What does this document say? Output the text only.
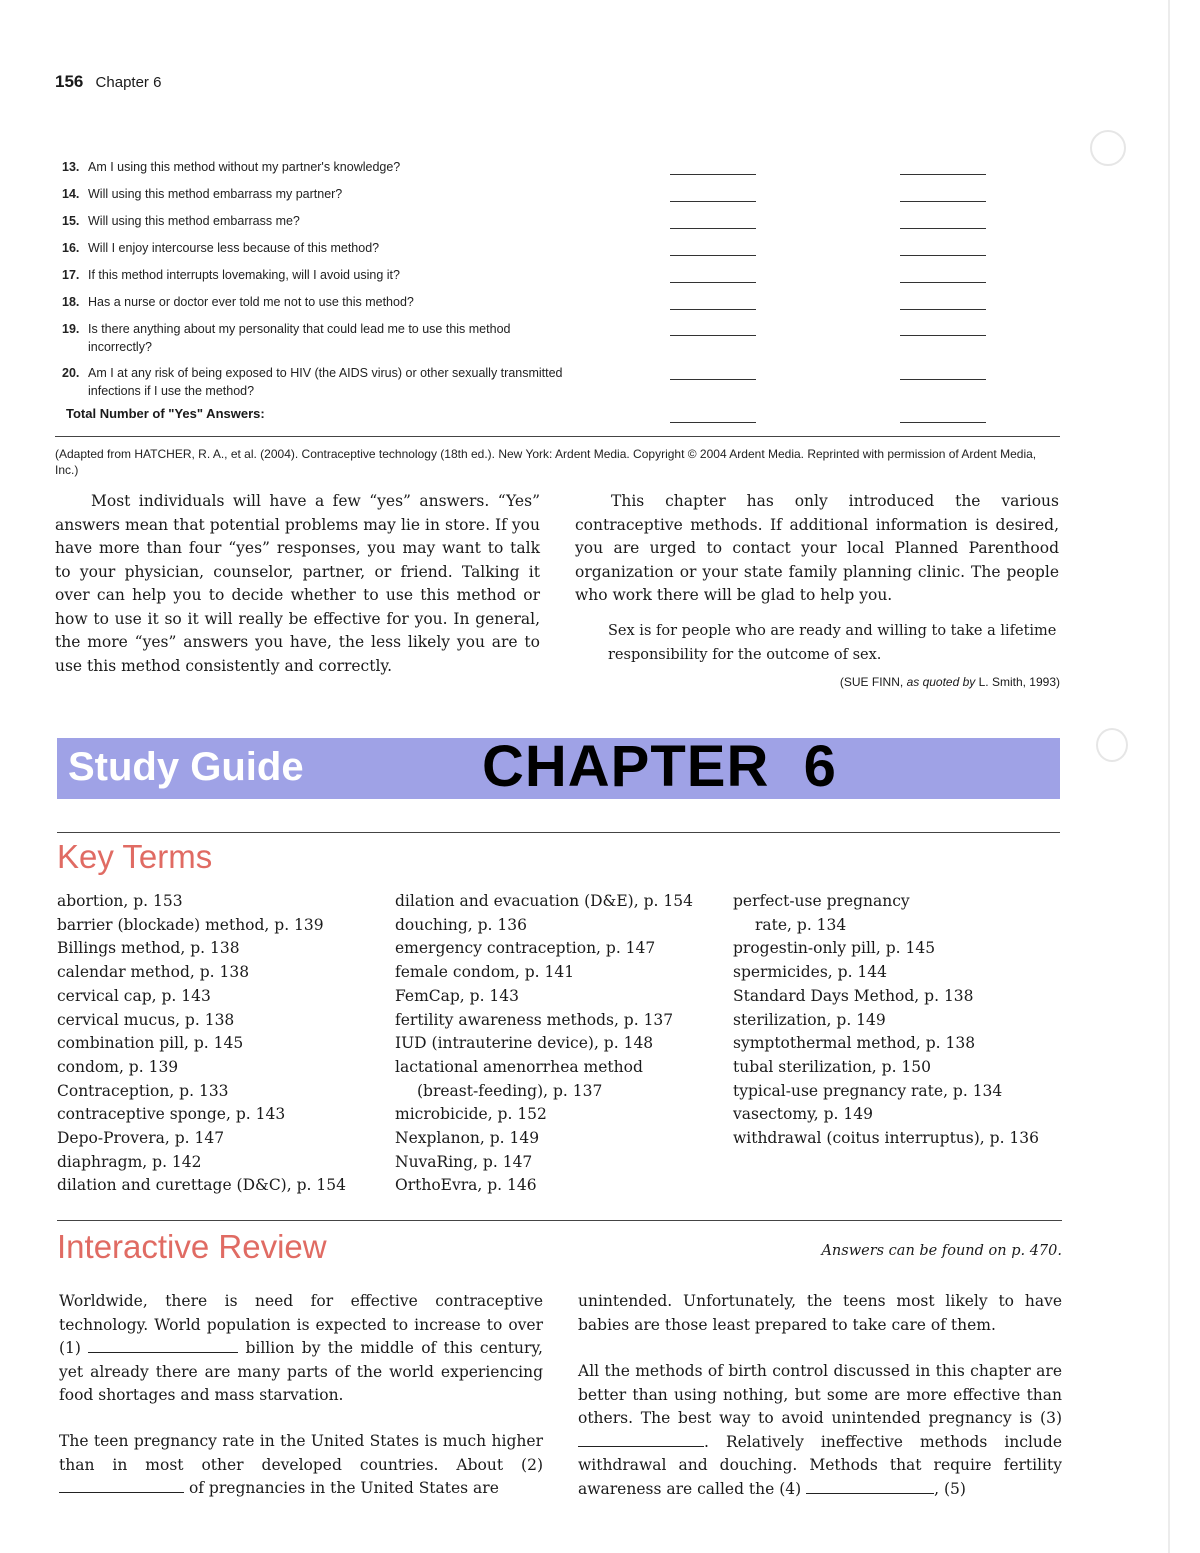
156 Chapter 6
13. Am I using this method without my partner's knowledge?
14. Will using this method embarrass my partner?
15. Will using this method embarrass me?
16. Will I enjoy intercourse less because of this method?
17. If this method interrupts lovemaking, will I avoid using it?
18. Has a nurse or doctor ever told me not to use this method?
19. Is there anything about my personality that could lead me to use this method incorrectly?
20. Am I at any risk of being exposed to HIV (the AIDS virus) or other sexually transmitted infections if I use the method?
Total Number of "Yes" Answers:
(Adapted from HATCHER, R. A., et al. (2004). Contraceptive technology (18th ed.). New York: Ardent Media. Copyright © 2004 Ardent Media. Reprinted with permission of Ardent Media, Inc.)
Most individuals will have a few “yes” answers. “Yes” answers mean that potential problems may lie in store. If you have more than four “yes” responses, you may want to talk to your physician, counselor, partner, or friend. Talking it over can help you to decide whether to use this method or how to use it so it will really be effective for you. In general, the more “yes” answers you have, the less likely you are to use this method consistently and correctly.
This chapter has only introduced the various contraceptive methods. If additional information is desired, you are urged to contact your local Planned Parenthood organization or your state family planning clinic. The people who work there will be glad to help you.
Sex is for people who are ready and willing to take a lifetime responsibility for the outcome of sex.
(SUE FINN, as quoted by L. Smith, 1993)
Study Guide	CHAPTER  6
Key Terms
abortion, p. 153
barrier (blockade) method, p. 139
Billings method, p. 138
calendar method, p. 138
cervical cap, p. 143
cervical mucus, p. 138
combination pill, p. 145
condom, p. 139
Contraception, p. 133
contraceptive sponge, p. 143
Depo-Provera, p. 147
diaphragm, p. 142
dilation and curettage (D&C), p. 154
dilation and evacuation (D&E), p. 154
douching, p. 136
emergency contraception, p. 147
female condom, p. 141
FemCap, p. 143
fertility awareness methods, p. 137
IUD (intrauterine device), p. 148
lactational amenorrhea method
(breast-feeding), p. 137
microbicide, p. 152
Nexplanon, p. 149
NuvaRing, p. 147
OrthoEvra, p. 146
perfect-use pregnancy
rate, p. 134
progestin-only pill, p. 145
spermicides, p. 144
Standard Days Method, p. 138
sterilization, p. 149
symptothermal method, p. 138
tubal sterilization, p. 150
typical-use pregnancy rate, p. 134
vasectomy, p. 149
withdrawal (coitus interruptus), p. 136
Interactive Review	Answers can be found on p. 470.
Worldwide, there is need for effective contraceptive technology. World population is expected to increase to over (1)	billion by the middle of this century, yet already there are many parts of the world experiencing food shortages and mass starvation.
The teen pregnancy rate in the United States is much higher than in most other developed countries. About (2)  of pregnancies in the United States are
unintended. Unfortunately, the teens most likely to have babies are those least prepared to take care of them.
All the methods of birth control discussed in this chapter are better than using nothing, but some are more effective than others. The best way to avoid unintended pregnancy is (3). Relatively ineffective methods include withdrawal and douching. Methods that require fertility awareness are called the (4)	, (5)
